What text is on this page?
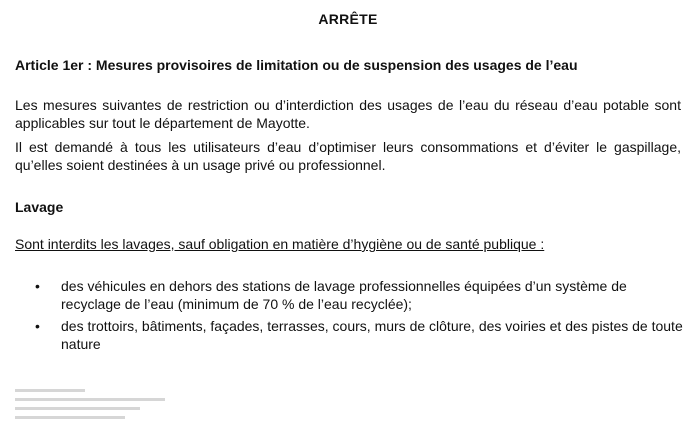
ARRÊTE
Article 1er : Mesures provisoires de limitation ou de suspension des usages de l’eau
Les mesures suivantes de restriction ou d’interdiction des usages de l’eau du réseau d’eau potable sont applicables sur tout le département de Mayotte.
Il est demandé à tous les utilisateurs d’eau d’optimiser leurs consommations et d’éviter le gaspillage, qu’elles soient destinées à un usage privé ou professionnel.
Lavage
Sont interdits les lavages, sauf obligation en matière d’hygiène ou de santé publique :
• des véhicules en dehors des stations de lavage professionnelles équipées d’un système de recyclage de l’eau (minimum de 70 % de l’eau recyclée);
• des trottoirs, bâtiments, façades, terrasses, cours, murs de clôture, des voiries et des pistes de toute nature
